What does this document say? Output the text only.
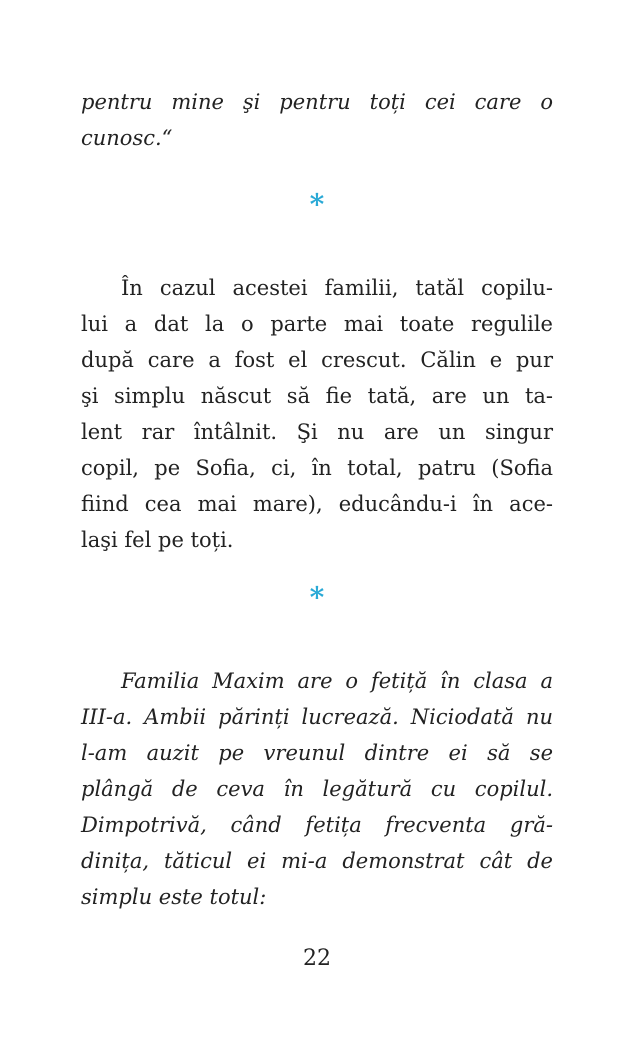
pentru mine şi pentru toți cei care o
cunosc.“
*
În cazul acestei familii, tatăl copilu-
lui a dat la o parte mai toate regulile
după care a fost el crescut. Călin e pur
şi simplu născut să fie tată, are un ta-
lent rar întâlnit. Şi nu are un singur
copil, pe Sofia, ci, în total, patru (Sofia
fiind cea mai mare), educându-i în ace-
laşi fel pe toți.
*
Familia Maxim are o fetiță în clasa a
III-a. Ambii părinți lucrează. Niciodată nu
l-am auzit pe vreunul dintre ei să se
plângă de ceva în legătură cu copilul.
Dimpotrivă, când fetița frecventa gră-
dinița, tăticul ei mi-a demonstrat cât de
simplu este totul:
22
